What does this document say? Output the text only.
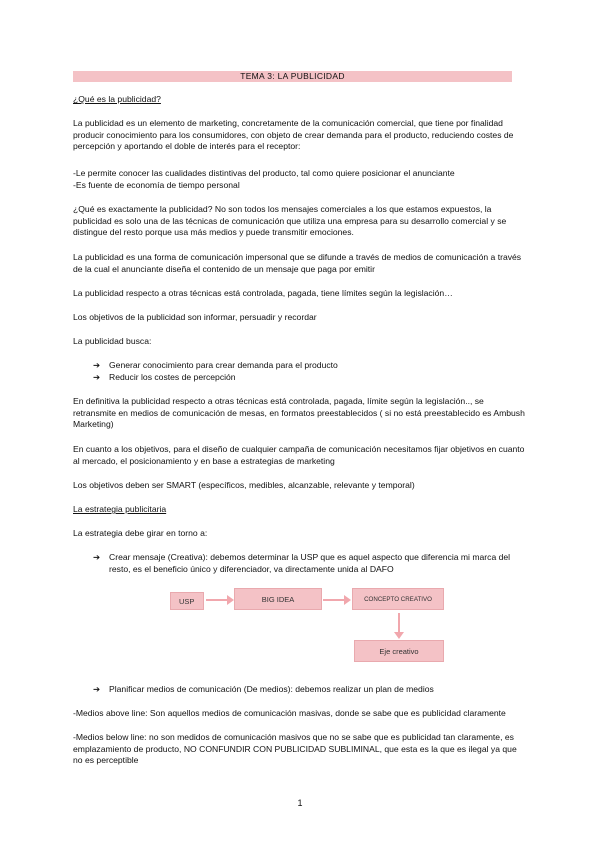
TEMA 3: LA PUBLICIDAD
¿Qué es la publicidad?
La publicidad es un elemento de marketing, concretamente de la comunicación comercial, que tiene por finalidad producir conocimiento para los consumidores, con objeto de crear demanda para el producto, reduciendo costes de percepción y aportando el doble de interés para el receptor:
-Le permite conocer las cualidades distintivas del producto, tal como quiere posicionar el anunciante
-Es fuente de economía de tiempo personal
¿Qué es exactamente la publicidad? No son todos los mensajes comerciales a los que estamos expuestos, la publicidad es solo una de las técnicas de comunicación que utiliza una empresa para su desarrollo comercial y se distingue del resto porque usa más medios y puede transmitir emociones.
La publicidad es una forma de comunicación impersonal que se difunde a través de medios de comunicación a través de la cual el anunciante diseña el contenido de un mensaje que paga por emitir
La publicidad respecto a otras técnicas está controlada, pagada, tiene límites según la legislación…
Los objetivos de la publicidad son informar, persuadir y recordar
La publicidad busca:
➔ Generar conocimiento para crear demanda para el producto
➔ Reducir los costes de percepción
En definitiva la publicidad respecto a otras técnicas está controlada, pagada, límite según la legislación.., se retransmite en medios de comunicación de mesas, en formatos preestablecidos ( si no está preestablecido es Ambush Marketing)
En cuanto a los objetivos, para el diseño de cualquier campaña de comunicación necesitamos fijar objetivos en cuanto al mercado, el posicionamiento y en base a estrategias de marketing
Los objetivos deben ser SMART (específicos, medibles, alcanzable, relevante y temporal)
La estrategia publicitaria
La estrategia debe girar en torno a:
➔ Crear mensaje (Creativa): debemos determinar la USP que es aquel aspecto que diferencia mi marca del resto, es el beneficio único y diferenciador, va directamente unida al DAFO
USP	BIG IDEA	CONCEPTO CREATIVO
Eje creativo
➔ Planificar medios de comunicación (De medios): debemos realizar un plan de medios
-Medios above line: Son aquellos medios de comunicación masivas, donde se sabe que es publicidad claramente
-Medios below line: no son medidos de comunicación masivos que no se sabe que es publicidad tan claramente, es emplazamiento de producto, NO CONFUNDIR CON PUBLICIDAD SUBLIMINAL, que esta es la que es ilegal ya que no es perceptible
1
